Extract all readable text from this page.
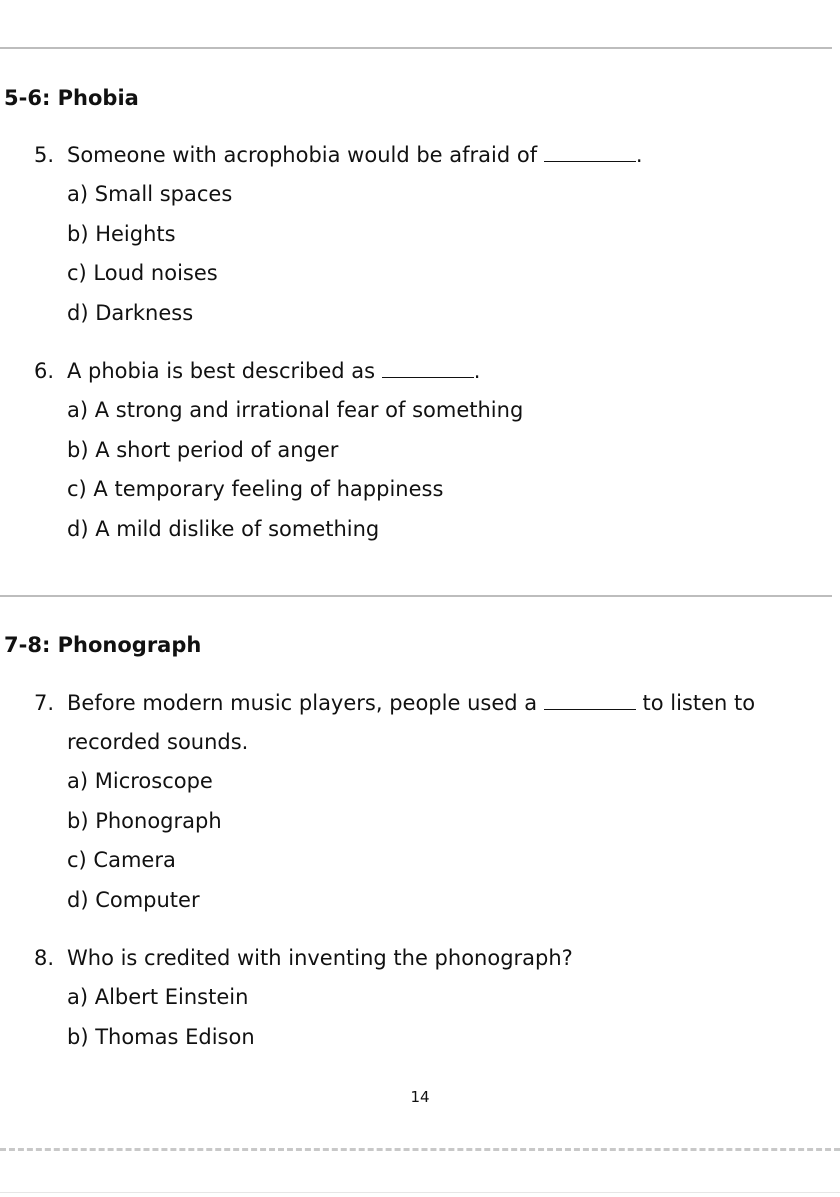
5-6: Phobia
5. Someone with acrophobia would be afraid of	.
a) Small spaces
b) Heights
c) Loud noises
d) Darkness
6. A phobia is best described as	.
a) A strong and irrational fear of something
b) A short period of anger
c) A temporary feeling of happiness
d) A mild dislike of something
7-8: Phonograph
7. Before modern music players, people used a	to listen to
recorded sounds.
a) Microscope
b) Phonograph
c) Camera
d) Computer
8. Who is credited with inventing the phonograph?
a) Albert Einstein
b) Thomas Edison
14
